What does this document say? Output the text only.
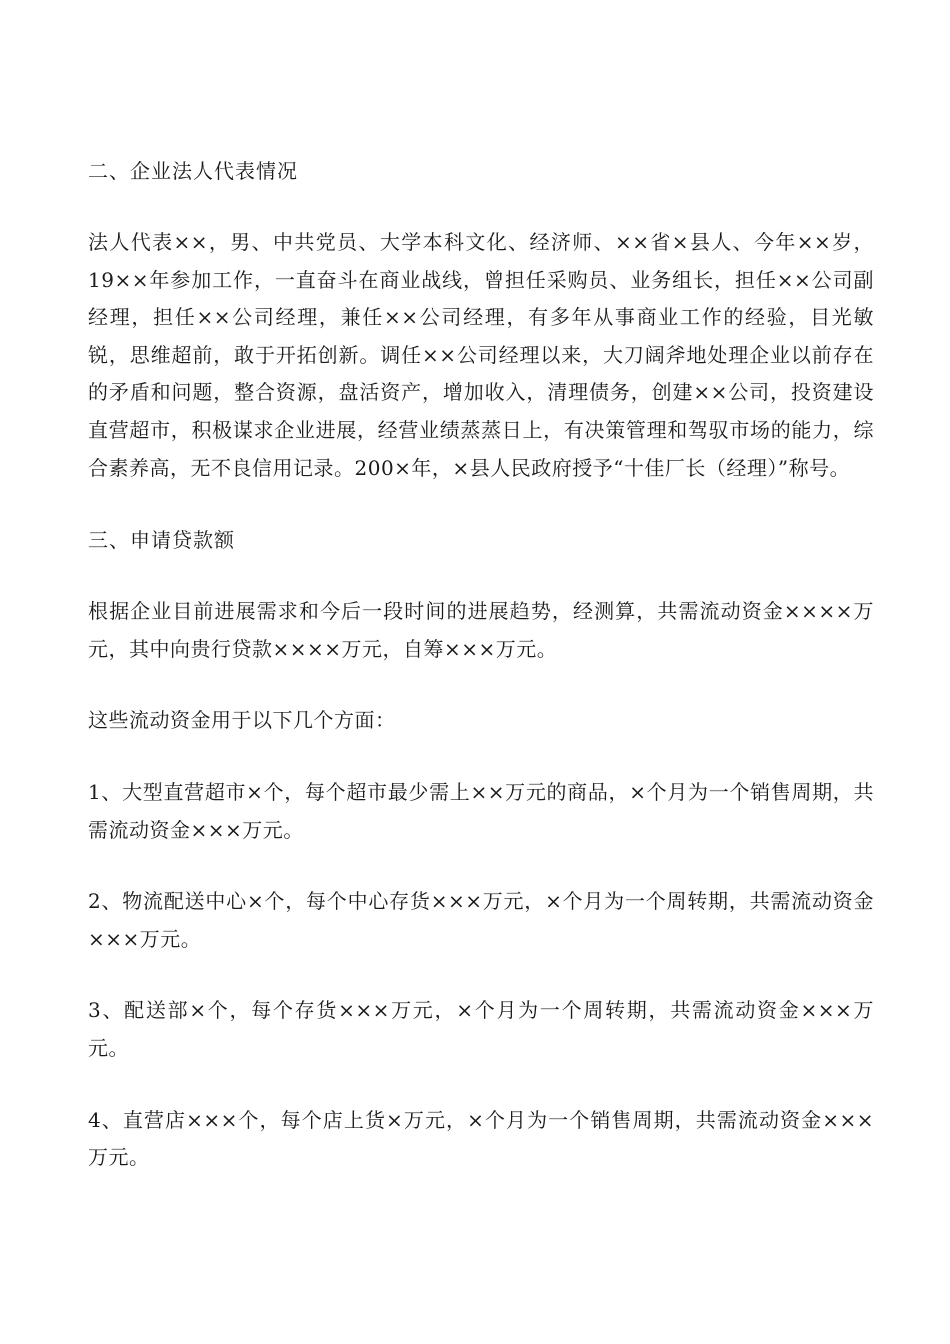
二、企业法人代表情况

法人代表××，男、中共党员、大学本科文化、经济师、××省×县人、今年××岁，19××年参加工作，一直奋斗在商业战线，曾担任采购员、业务组长，担任××公司副经理，担任××公司经理，兼任××公司经理，有多年从事商业工作的经验，目光敏锐，思维超前，敢于开拓创新。调任××公司经理以来，大刀阔斧地处理企业以前存在的矛盾和问题，整合资源，盘活资产，增加收入，清理债务，创建××公司，投资建设直营超市，积极谋求企业进展，经营业绩蒸蒸日上，有决策管理和驾驭市场的能力，综合素养高，无不良信用记录。200×年，×县人民政府授予“十佳厂长（经理）”称号。

三、申请贷款额

根据企业目前进展需求和今后一段时间的进展趋势，经测算，共需流动资金××××万元，其中向贵行贷款××××万元，自筹×××万元。

这些流动资金用于以下几个方面：

1、大型直营超市×个，每个超市最少需上××万元的商品，×个月为一个销售周期，共需流动资金×××万元。

2、物流配送中心×个，每个中心存货×××万元，×个月为一个周转期，共需流动资金×××万元。

3、配送部×个，每个存货×××万元，×个月为一个周转期，共需流动资金×××万元。

4、直营店×××个，每个店上货×万元，×个月为一个销售周期，共需流动资金×××万元。
